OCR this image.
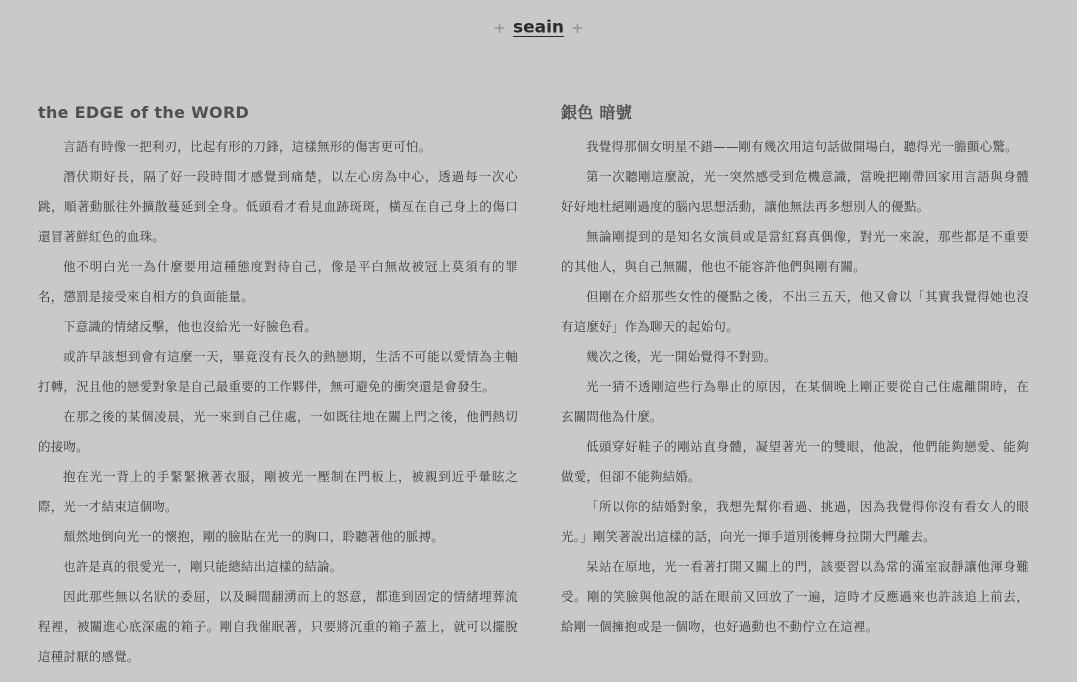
+ seain +
the EDGE of the WORD

言語有時像一把利刃，比起有形的刀鋒，這樣無形的傷害更可怕。

潛伏期好長，隔了好一段時間才感覺到痛楚，以左心房為中心，透過每一次心跳，順著動脈往外擴散蔓延到全身。低頭看才看見血跡斑斑，橫亙在自己身上的傷口還冒著鮮紅色的血珠。

他不明白光一為什麼要用這種態度對待自己，像是平白無故被冠上莫須有的罪名，懲罰是接受來自相方的負面能量。

下意識的情緒反擊，他也沒給光一好臉色看。

或許早該想到會有這麼一天，畢竟沒有長久的熱戀期，生活不可能以愛情為主軸打轉，況且他的戀愛對象是自己最重要的工作夥伴，無可避免的衝突還是會發生。

在那之後的某個凌晨，光一來到自己住處，一如既往地在關上門之後，他們熱切的接吻。

抱在光一背上的手緊緊揪著衣服，剛被光一壓制在門板上，被親到近乎暈眩之際，光一才結束這個吻。

頹然地倒向光一的懷抱，剛的臉貼在光一的胸口，聆聽著他的脈搏。

也許是真的很愛光一，剛只能總結出這樣的結論。

因此那些無以名狀的委屈，以及瞬間翻湧而上的怒意，都進到固定的情緒埋葬流程裡，被關進心底深處的箱子。剛自我催眠著，只要將沉重的箱子蓋上，就可以擺脫這種討厭的感覺。

銀色 暗號

我覺得那個女明星不錯——剛有幾次用這句話做開場白，聽得光一膽顫心驚。

第一次聽剛這麼說，光一突然感受到危機意識，當晚把剛帶回家用言語與身體好好地杜絕剛過度的腦內思想活動，讓他無法再多想別人的優點。

無論剛提到的是知名女演員或是當紅寫真偶像，對光一來說，那些都是不重要的其他人，與自己無關，他也不能容許他們與剛有關。

但剛在介紹那些女性的優點之後，不出三五天，他又會以「其實我覺得她也沒有這麼好」作為聊天的起始句。

幾次之後，光一開始覺得不對勁。

光一猜不透剛這些行為舉止的原因，在某個晚上剛正要從自己住處離開時，在玄關問他為什麼。

低頭穿好鞋子的剛站直身體，凝望著光一的雙眼，他說，他們能夠戀愛、能夠做愛，但卻不能夠結婚。

「所以你的結婚對象，我想先幫你看過、挑過，因為我覺得你沒有看女人的眼光。」剛笑著說出這樣的話，向光一揮手道別後轉身拉開大門離去。

呆站在原地，光一看著打開又關上的門，該要習以為常的滿室寂靜讓他渾身難受。剛的笑臉與他說的話在眼前又回放了一遍，這時才反應過來也許該追上前去，給剛一個擁抱或是一個吻，也好過動也不動佇立在這裡。
